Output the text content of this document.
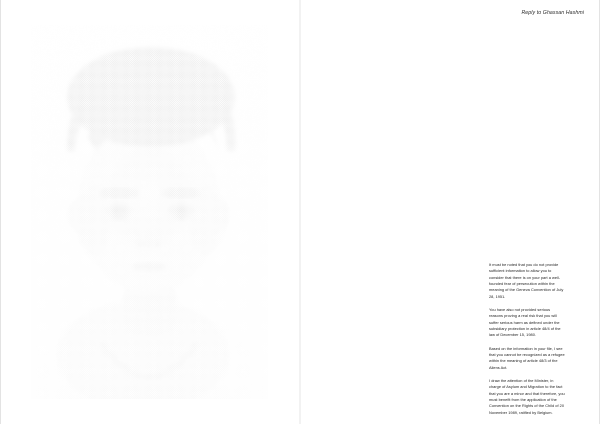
Reply to Ghassan Hashmi

It must be noted that you do not provide sufficient information to allow you to consider that there is on your part a well-founded fear of persecution within the meaning of the Geneva Convention of July 28, 1951.

You have also not provided serious reasons proving a real risk that you will suffer serious harm as defined under the subsidiary protection in article 48/4 of the law of December 15, 1980.

Based on the information in your file, I see that you cannot be recognized as a refugee within the meaning of article 48/3 of the Aliens Act.

I draw the attention of the Minister, in charge of Asylum and Migration to the fact that you are a minor and that therefore, you must benefit from the application of the Convention on the Rights of the Child of 20 November 1989, ratified by Belgium.
